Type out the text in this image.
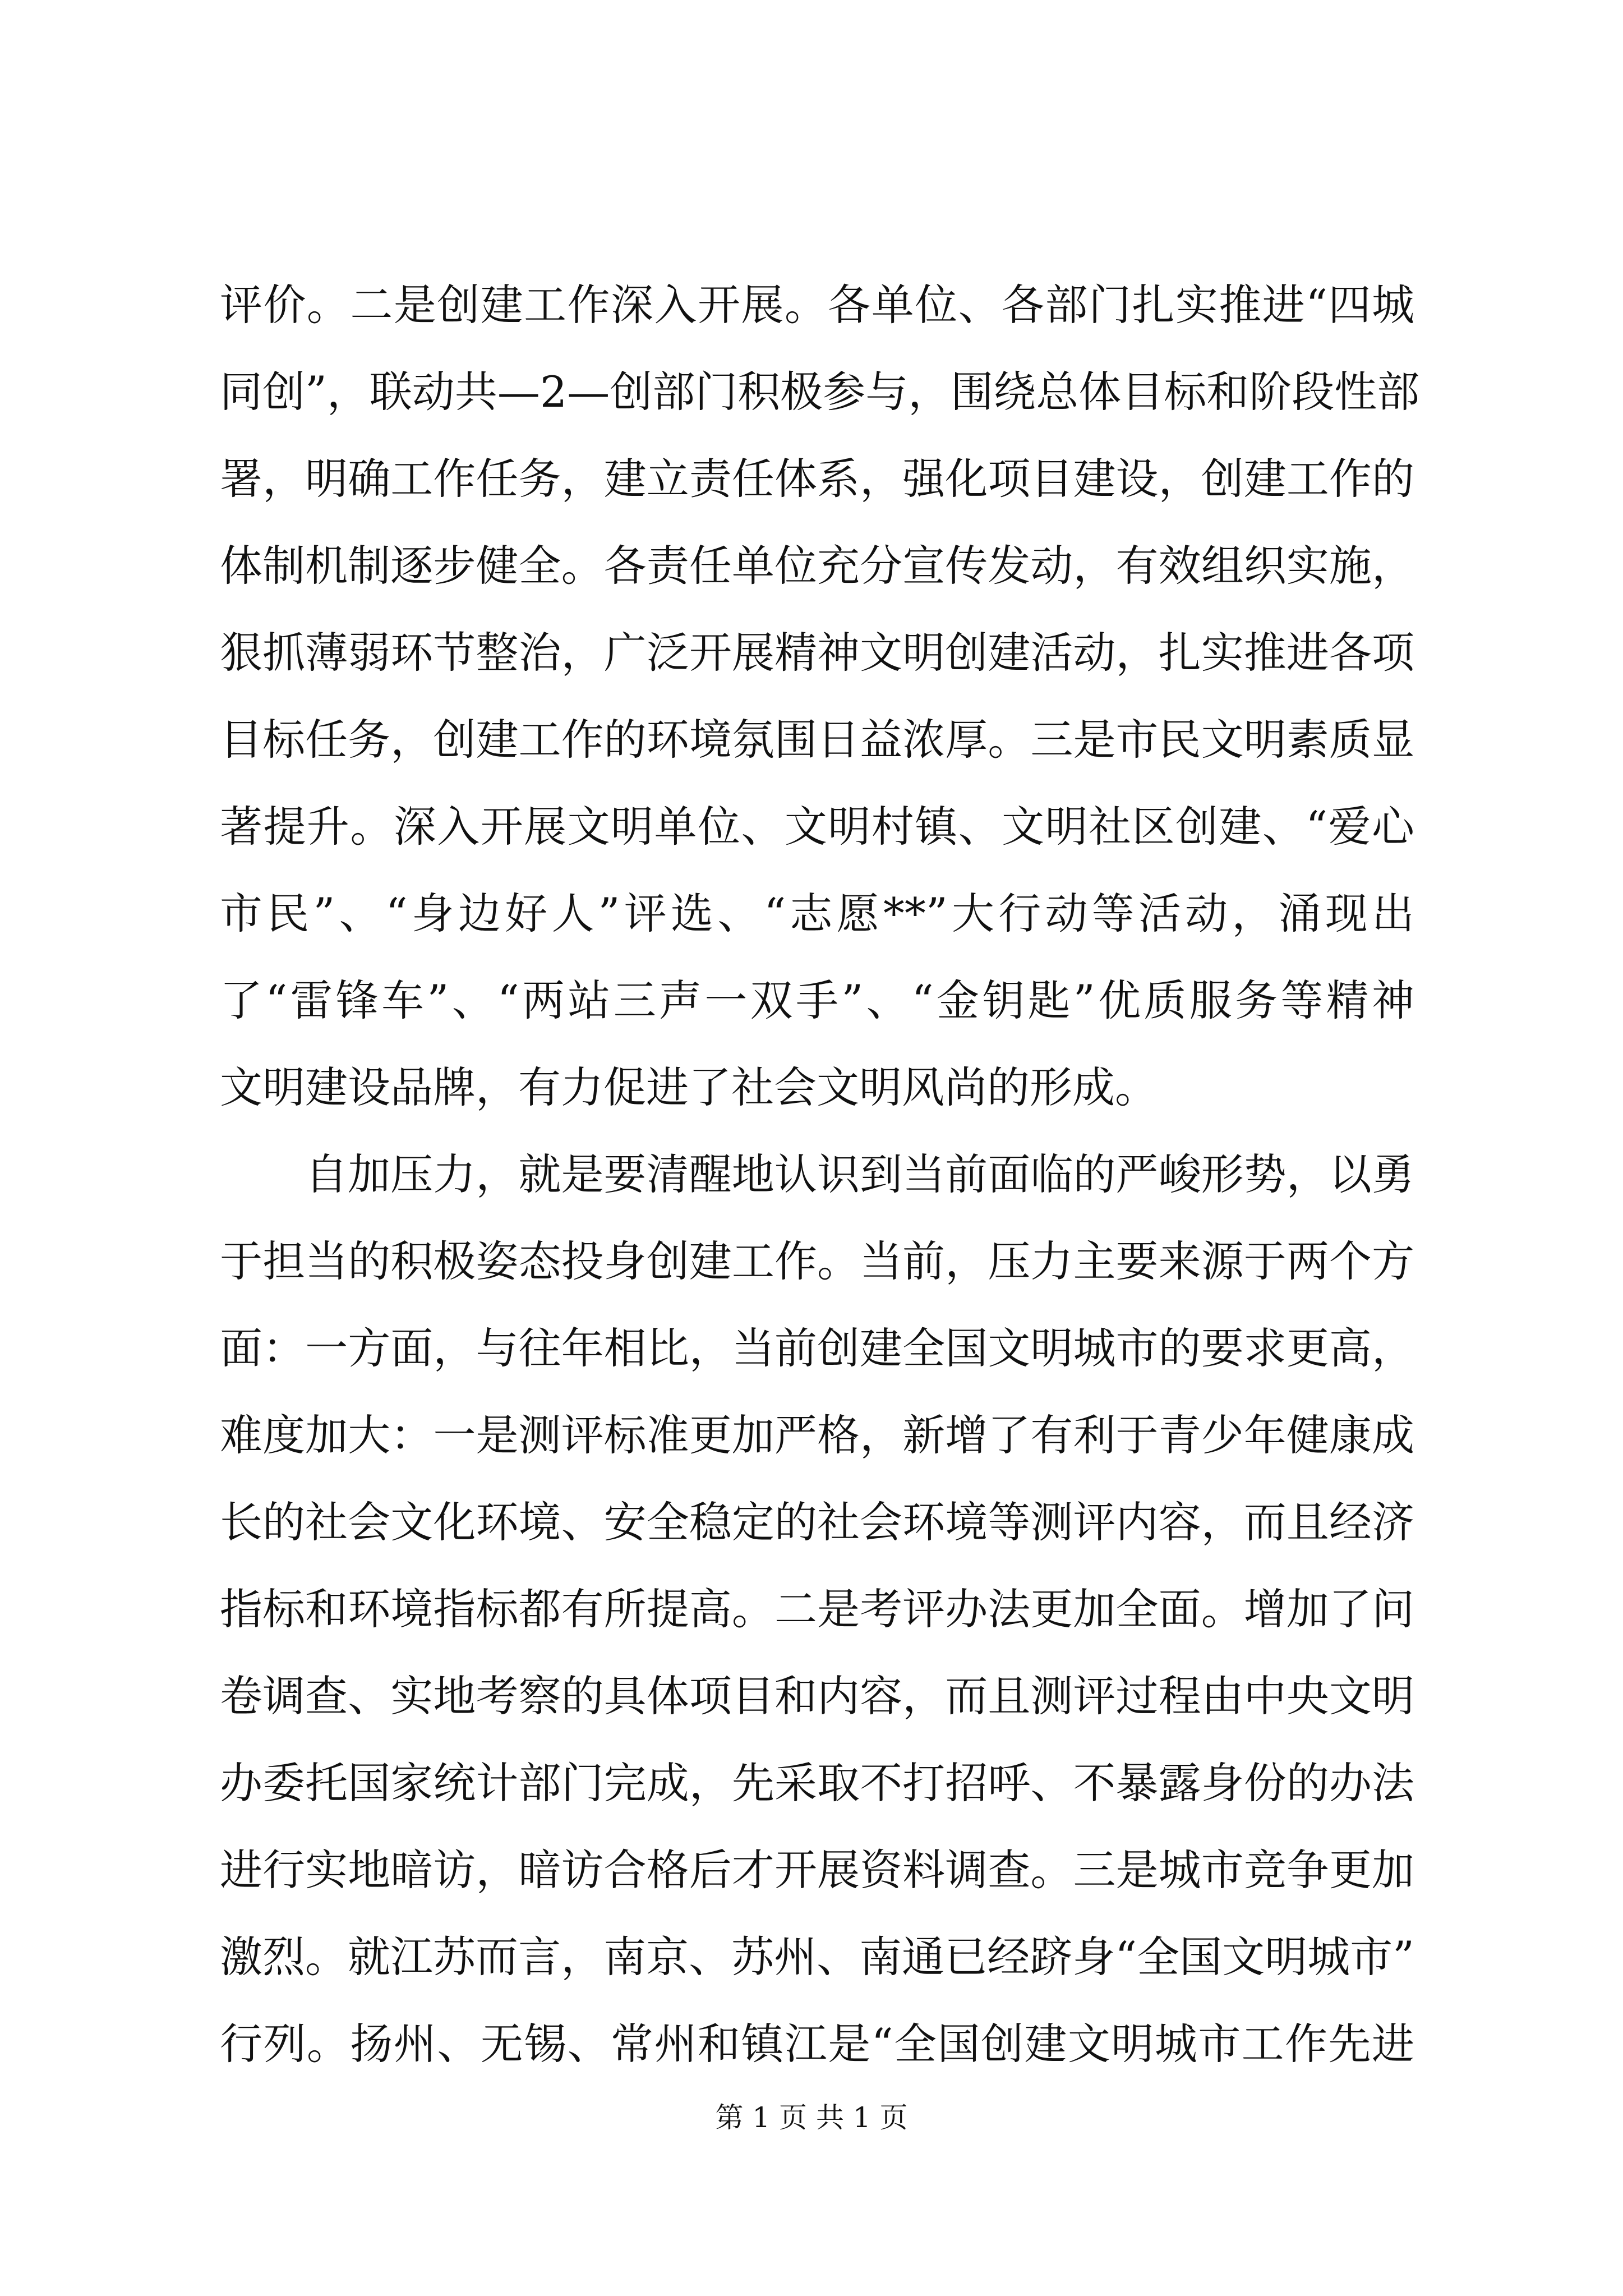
评价。二是创建工作深入开展。各单位、各部门扎实推进“四城

同创”，联动共—2—创部门积极参与，围绕总体目标和阶段性部

署，明确工作任务，建立责任体系，强化项目建设，创建工作的

体制机制逐步健全。各责任单位充分宣传发动，有效组织实施，

狠抓薄弱环节整治，广泛开展精神文明创建活动，扎实推进各项

目标任务，创建工作的环境氛围日益浓厚。三是市民文明素质显

著提升。深入开展文明单位、文明村镇、文明社区创建、“爱心

市民”、“身边好人”评选、“志愿**”大行动等活动，涌现出

了“雷锋车”、“两站三声一双手”、“金钥匙”优质服务等精神

文明建设品牌，有力促进了社会文明风尚的形成。

自加压力，就是要清醒地认识到当前面临的严峻形势，以勇

于担当的积极姿态投身创建工作。当前，压力主要来源于两个方

面：一方面，与往年相比，当前创建全国文明城市的要求更高，

难度加大：一是测评标准更加严格，新增了有利于青少年健康成

长的社会文化环境、安全稳定的社会环境等测评内容，而且经济

指标和环境指标都有所提高。二是考评办法更加全面。增加了问

卷调查、实地考察的具体项目和内容，而且测评过程由中央文明

办委托国家统计部门完成，先采取不打招呼、不暴露身份的办法

进行实地暗访，暗访合格后才开展资料调查。三是城市竞争更加

激烈。就江苏而言，南京、苏州、南通已经跻身“全国文明城市”

行列。扬州、无锡、常州和镇江是“全国创建文明城市工作先进

第 1 页 共 1 页
